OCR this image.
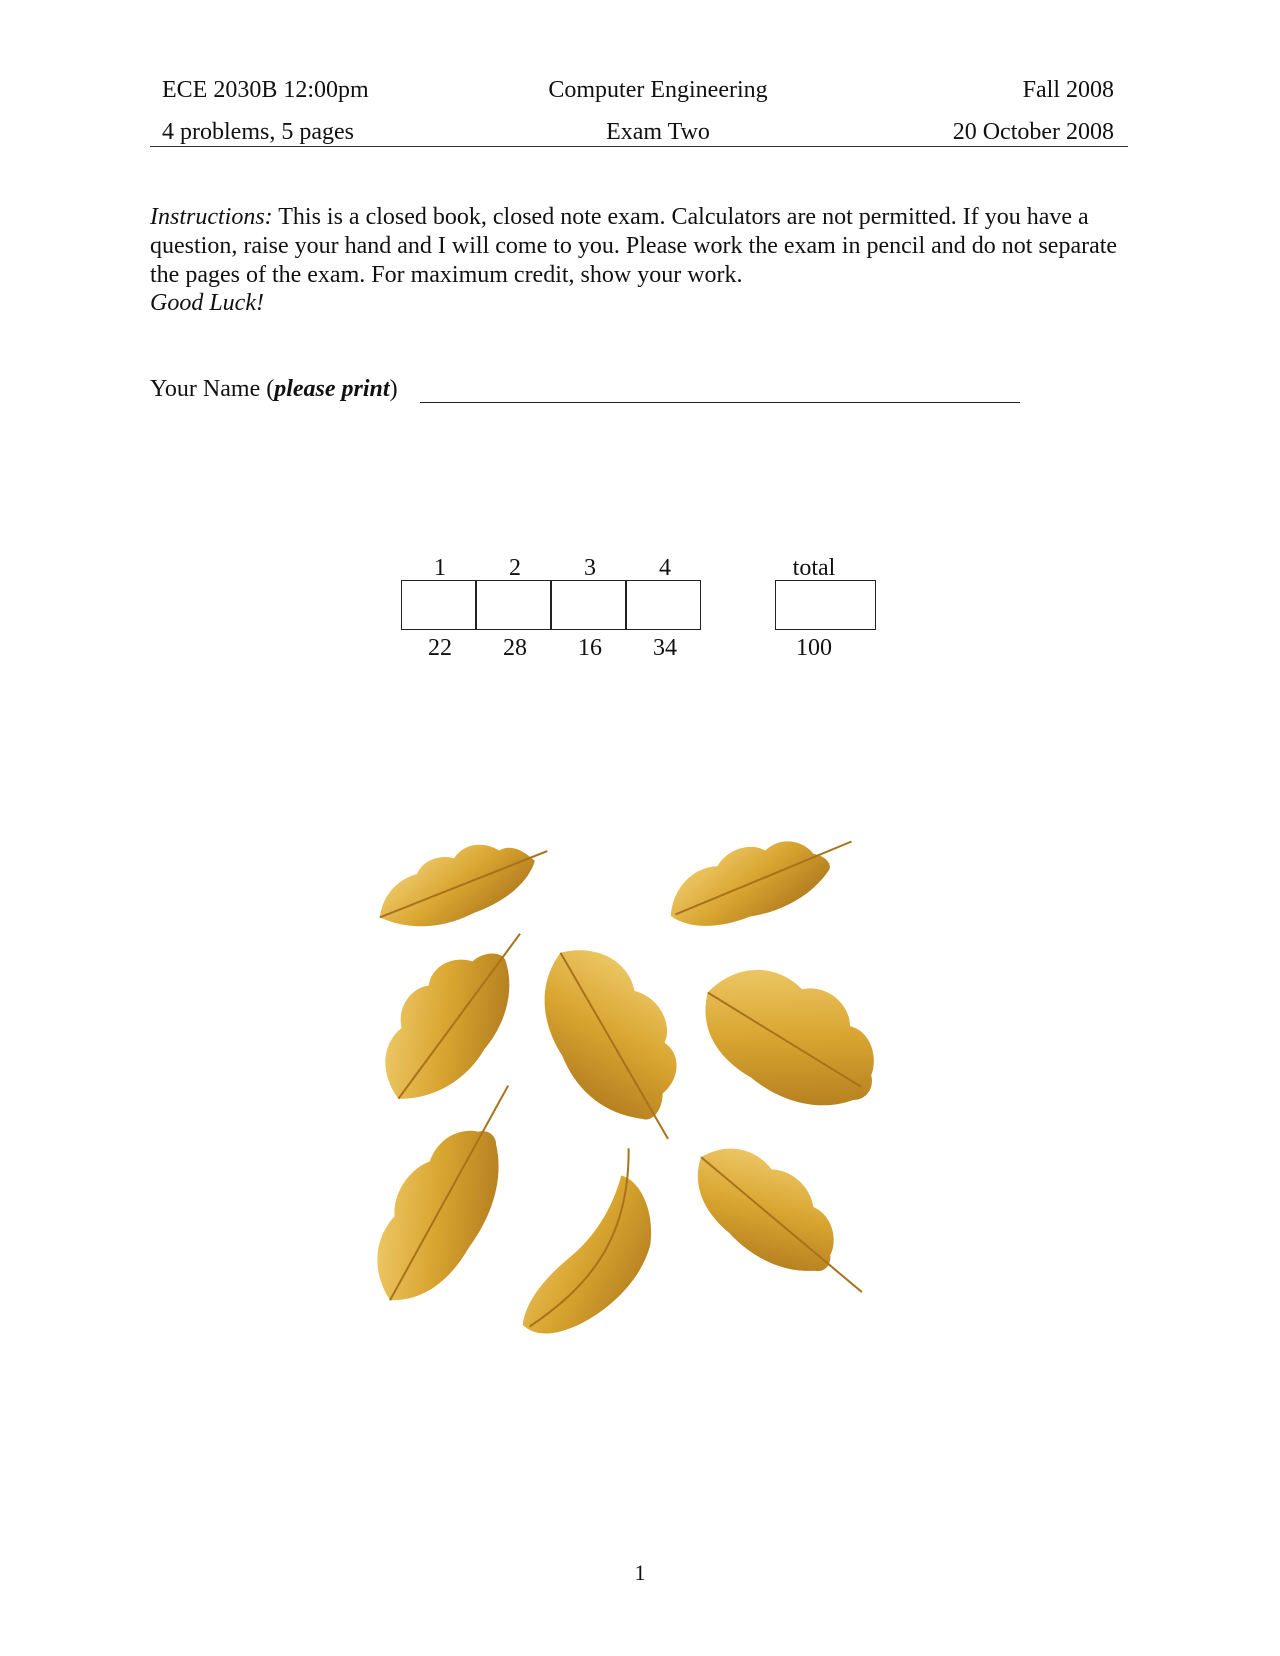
ECE 2030B 12:00pm	Computer Engineering	Fall 2008
4 problems, 5 pages	Exam Two	20 October 2008
Instructions: This is a closed book, closed note exam. Calculators are not permitted. If you have a question, raise your hand and I will come to you. Please work the exam in pencil and do not separate the pages of the exam. For maximum credit, show your work.
Good Luck!
Your Name (please print)
1	2	3	4	total
22	28	16	34	100
1
